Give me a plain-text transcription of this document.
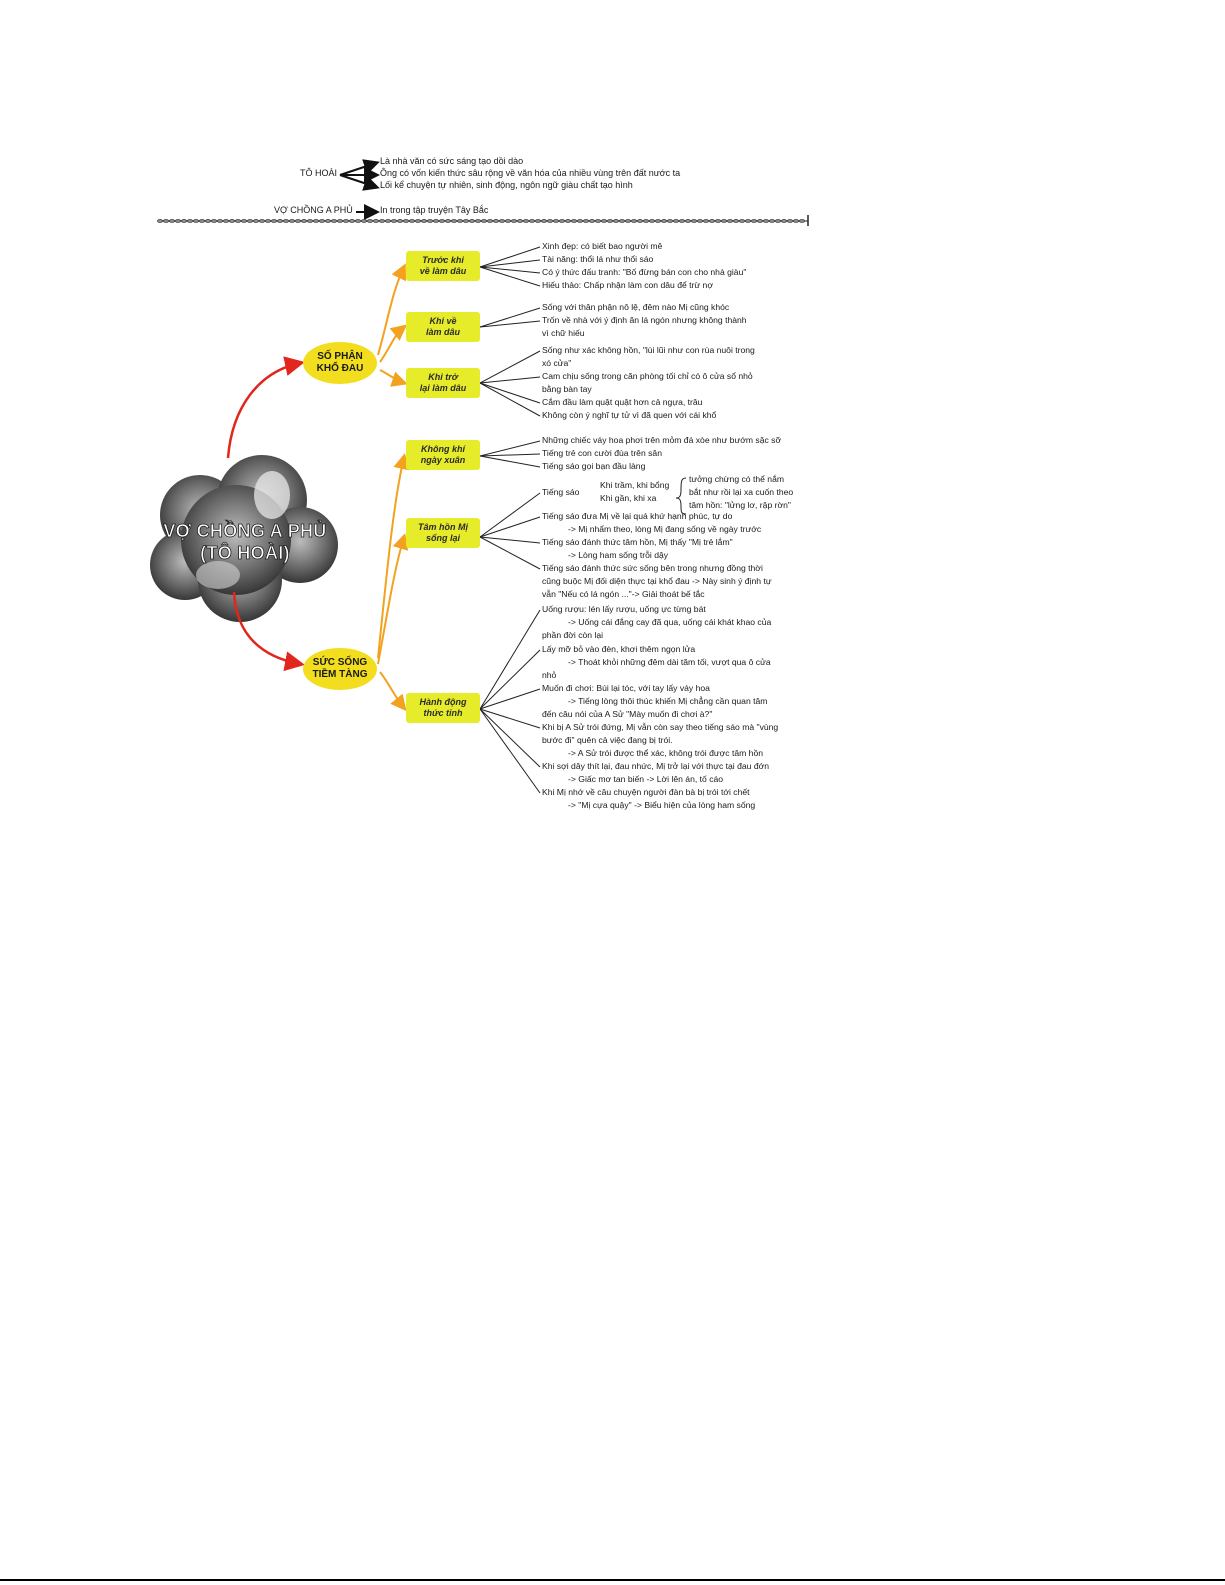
TÔ HOÀI
Là nhà văn có sức sáng tạo dồi dào
Ông có vốn kiến thức sâu rộng về văn hóa của nhiều vùng trên đất nước ta
Lối kể chuyện tự nhiên, sinh động, ngôn ngữ giàu chất tạo hình
VỢ CHỒNG A PHỦ	In trong tập truyện Tây Bắc
VỢ CHỒNG A PHỦ
(TÔ HOÀI)
SỐ PHẬN
KHỔ ĐAU
SỨC SỐNG
TIỀM TÀNG
Trước khi
về làm dâu
Khi về
làm dâu
Khi trở
lại làm dâu
Không khí
ngày xuân
Tâm hồn Mị
sống lại
Hành động
thức tỉnh
Xinh đẹp: có biết bao người mê
Tài năng: thổi lá như thổi sáo
Có ý thức đấu tranh: "Bố đừng bán con cho nhà giàu"
Hiếu thảo: Chấp nhận làm con dâu để trừ nợ
Sống với thân phận nô lệ, đêm nào Mị cũng khóc
Trốn về nhà với ý định ăn lá ngón nhưng không thành
vì chữ hiếu
Sống như xác không hồn, "lùi lũi như con rùa nuôi trong
xó cửa"
Cam chịu sống trong căn phòng tối chỉ có ô cửa sổ nhỏ
bằng bàn tay
Cắm đầu làm quật quật hơn cả ngựa, trâu
Không còn ý nghĩ tự tử vì đã quen với cái khổ
Những chiếc váy hoa phơi trên mỏm đá xòe như bướm sặc sỡ
Tiếng trẻ con cười đùa trên sân
Tiếng sáo gọi bạn đầu làng
Tiếng sáo
Khi trầm, khi bổng
Khi gần, khi xa
tưởng chừng có thể nắm
bắt như rồi lại xa cuốn theo
tâm hồn: "lửng lơ, rập rờn"
Tiếng sáo đưa Mị về lại quá khứ hạnh phúc, tự do
-> Mị nhẩm theo, lòng Mị đang sống về ngày trước
Tiếng sáo đánh thức tâm hồn, Mị thấy "Mị trẻ lắm"
-> Lòng ham sống trỗi dậy
Tiếng sáo đánh thức sức sống bên trong nhưng đồng thời
cũng buộc Mị đối diện thực tại khổ đau -> Này sinh ý định tự
vẫn "Nếu có lá ngón ..."-> Giải thoát bế tắc
Uống rượu: lén lấy rượu, uống ực từng bát
-> Uống cái đắng cay đã qua, uống cái khát khao của
phần đời còn lại
Lấy mỡ bỏ vào đèn, khơi thêm ngọn lửa
-> Thoát khỏi những đêm dài tăm tối, vượt qua ô cửa
nhỏ
Muốn đi chơi: Búi lại tóc, với tay lấy váy hoa
-> Tiếng lòng thôi thúc khiến Mị chẳng cần quan tâm
đến câu nói của A Sử "Mày muốn đi chơi à?"
Khi bị A Sử trói đứng, Mị vẫn còn say theo tiếng sáo mà "vùng
bước đi" quên cả việc đang bị trói.
-> A Sử trói được thể xác, không trói được tâm hồn
Khi sợi dây thít lại, đau nhức, Mị trở lại với thực tại đau đớn
-> Giấc mơ tan biến -> Lời lên án, tố cáo
Khi Mị nhớ về câu chuyện người đàn bà bị trói tới chết
-> "Mị cựa quậy" -> Biểu hiện của lòng ham sống
